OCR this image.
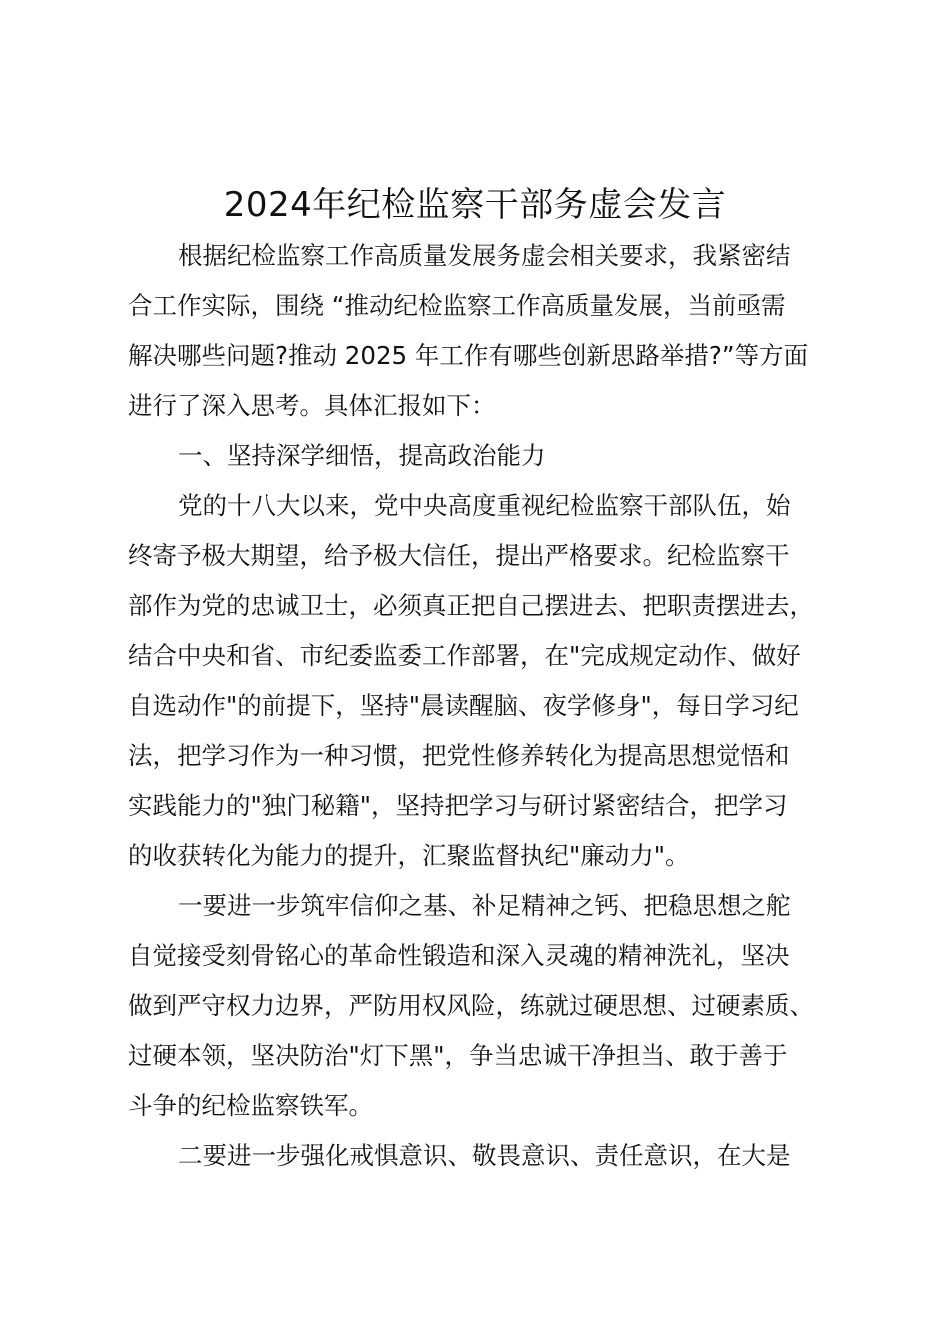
2024年纪检监察干部务虚会发言

根据纪检监察工作高质量发展务虚会相关要求，我紧密结

合工作实际，围绕 “推动纪检监察工作高质量发展，当前亟需

解决哪些问题?推动 2025 年工作有哪些创新思路举措?”等方面

进行了深入思考。具体汇报如下：

一、坚持深学细悟，提高政治能力

党的十八大以来，党中央高度重视纪检监察干部队伍，始

终寄予极大期望，给予极大信任，提出严格要求。纪检监察干

部作为党的忠诚卫士，必须真正把自己摆进去、把职责摆进去，

结合中央和省、市纪委监委工作部署，在"完成规定动作、做好

自选动作"的前提下，坚持"晨读醒脑、夜学修身"，每日学习纪

法，把学习作为一种习惯，把党性修养转化为提高思想觉悟和

实践能力的"独门秘籍"，坚持把学习与研讨紧密结合，把学习

的收获转化为能力的提升，汇聚监督执纪"廉动力"。

一要进一步筑牢信仰之基、补足精神之钙、把稳思想之舵

自觉接受刻骨铭心的革命性锻造和深入灵魂的精神洗礼，坚决

做到严守权力边界，严防用权风险，练就过硬思想、过硬素质、

过硬本领，坚决防治"灯下黑"，争当忠诚干净担当、敢于善于

斗争的纪检监察铁军。

二要进一步强化戒惧意识、敬畏意识、责任意识，在大是
